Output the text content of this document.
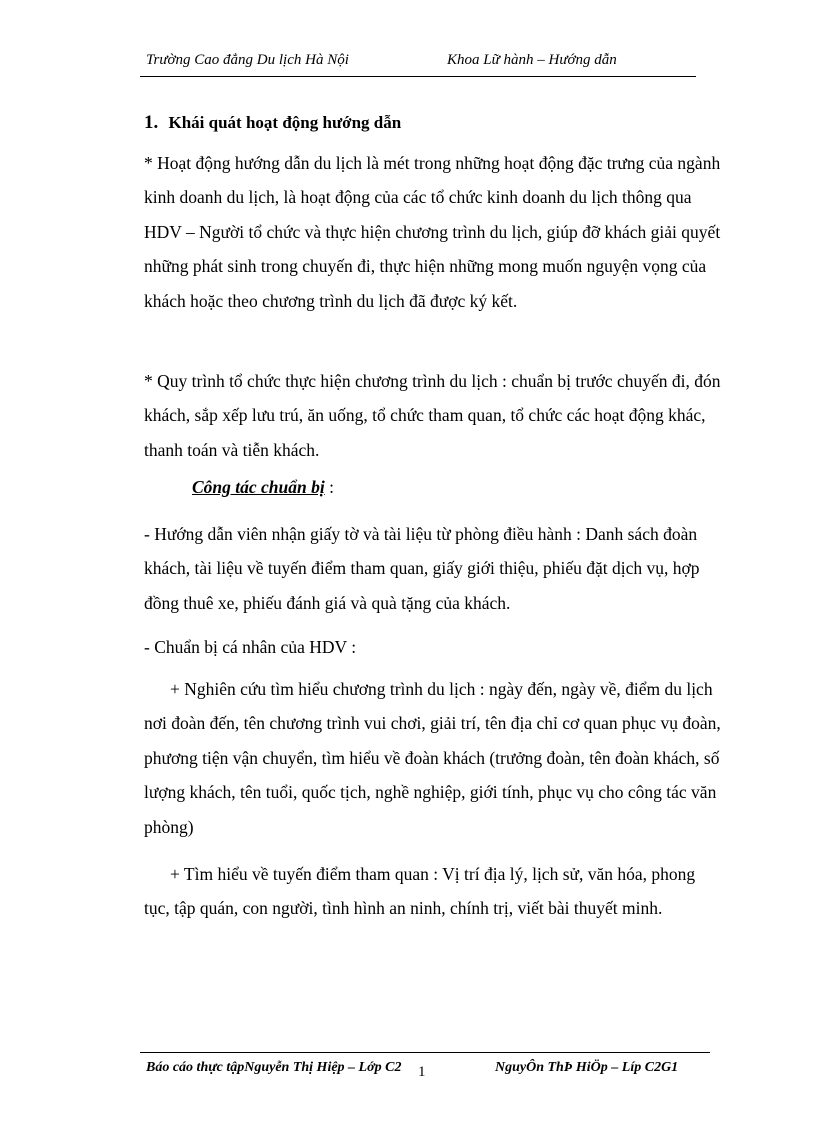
Trường Cao đẳng Du lịch Hà Nội	Khoa Lữ hành – Hướng dẫn
1. Khái quát hoạt động hướng dẫn

* Hoạt động hướng dẫn du lịch là mét trong những hoạt động đặc trưng của ngành kinh doanh du lịch, là hoạt động của các tổ chức kinh doanh du lịch thông qua HDV – Người tổ chức và thực hiện chương trình du lịch, giúp đỡ khách giải quyết những phát sinh trong chuyến đi, thực hiện những mong muốn nguyện vọng của khách hoặc theo chương trình du lịch đã được ký kết.

* Quy trình tổ chức thực hiện chương trình du lịch : chuẩn bị trước chuyến đi, đón khách, sắp xếp lưu trú, ăn uống, tổ chức tham quan, tổ chức các hoạt động khác, thanh toán và tiễn khách.

Công tác chuẩn bị :

- Hướng dẫn viên nhận giấy tờ và tài liệu từ phòng điều hành : Danh sách đoàn khách, tài liệu về tuyến điểm tham quan, giấy giới thiệu, phiếu đặt dịch vụ, hợp đồng thuê xe, phiếu đánh giá và quà tặng của khách.

- Chuẩn bị cá nhân của HDV :

+ Nghiên cứu tìm hiểu chương trình du lịch : ngày đến, ngày về, điểm du lịch nơi đoàn đến, tên chương trình vui chơi, giải trí, tên địa chỉ cơ quan phục vụ đoàn, phương tiện vận chuyển, tìm hiểu về đoàn khách (trưởng đoàn, tên đoàn khách, số lượng khách, tên tuổi, quốc tịch, nghề nghiệp, giới tính, phục vụ cho công tác văn phòng)

+ Tìm hiểu về tuyến điểm tham quan : Vị trí địa lý, lịch sử, văn hóa, phong tục, tập quán, con người, tình hình an ninh, chính trị, viết bài thuyết minh.

Báo cáo thực tậpNguyễn Thị Hiệp – Lớp C2	NguyÔn ThÞ HiÖp – Líp C2G1
1
